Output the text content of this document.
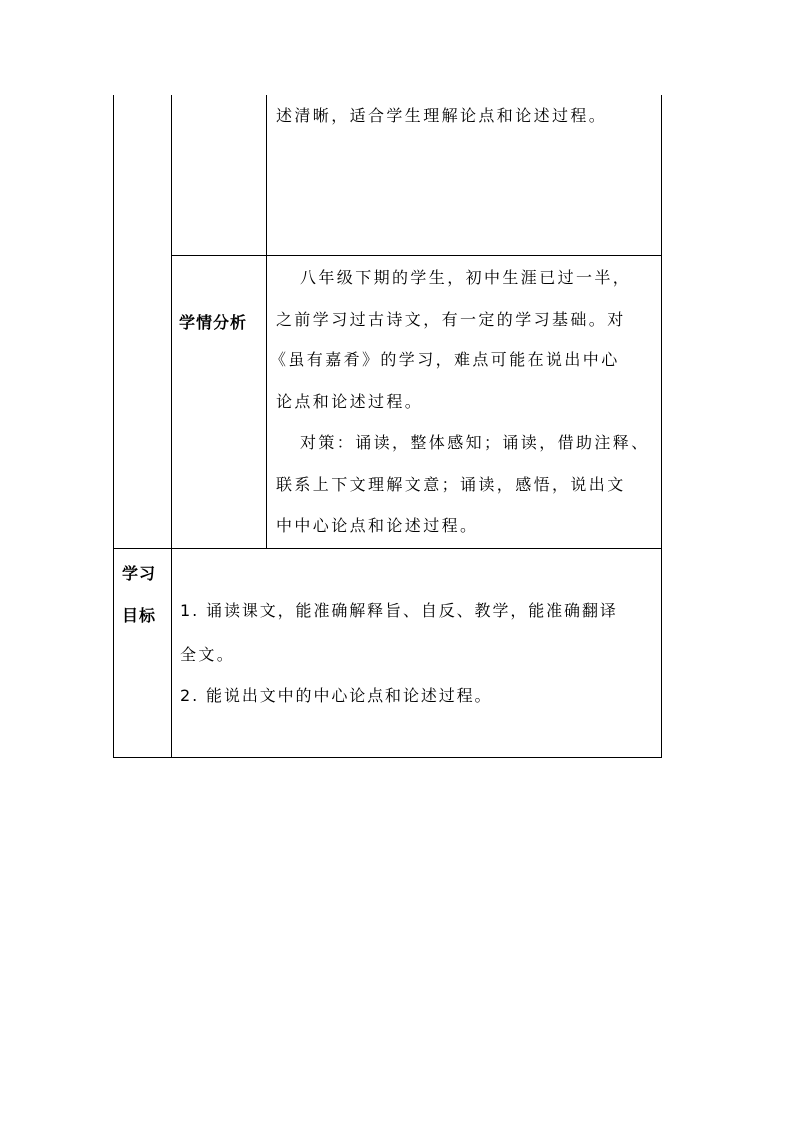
述清晰，适合学生理解论点和论述过程。
学情分析
八年级下期的学生，初中生涯已过一半，
之前学习过古诗文，有一定的学习基础。对
《虽有嘉肴》的学习，难点可能在说出中心
论点和论述过程。
对策：诵读，整体感知；诵读，借助注释、
联系上下文理解文意；诵读，感悟，说出文
中中心论点和论述过程。
学习
目标 1. 诵读课文，能准确解释旨、自反、教学，能准确翻译
全文。
2. 能说出文中的中心论点和论述过程。
